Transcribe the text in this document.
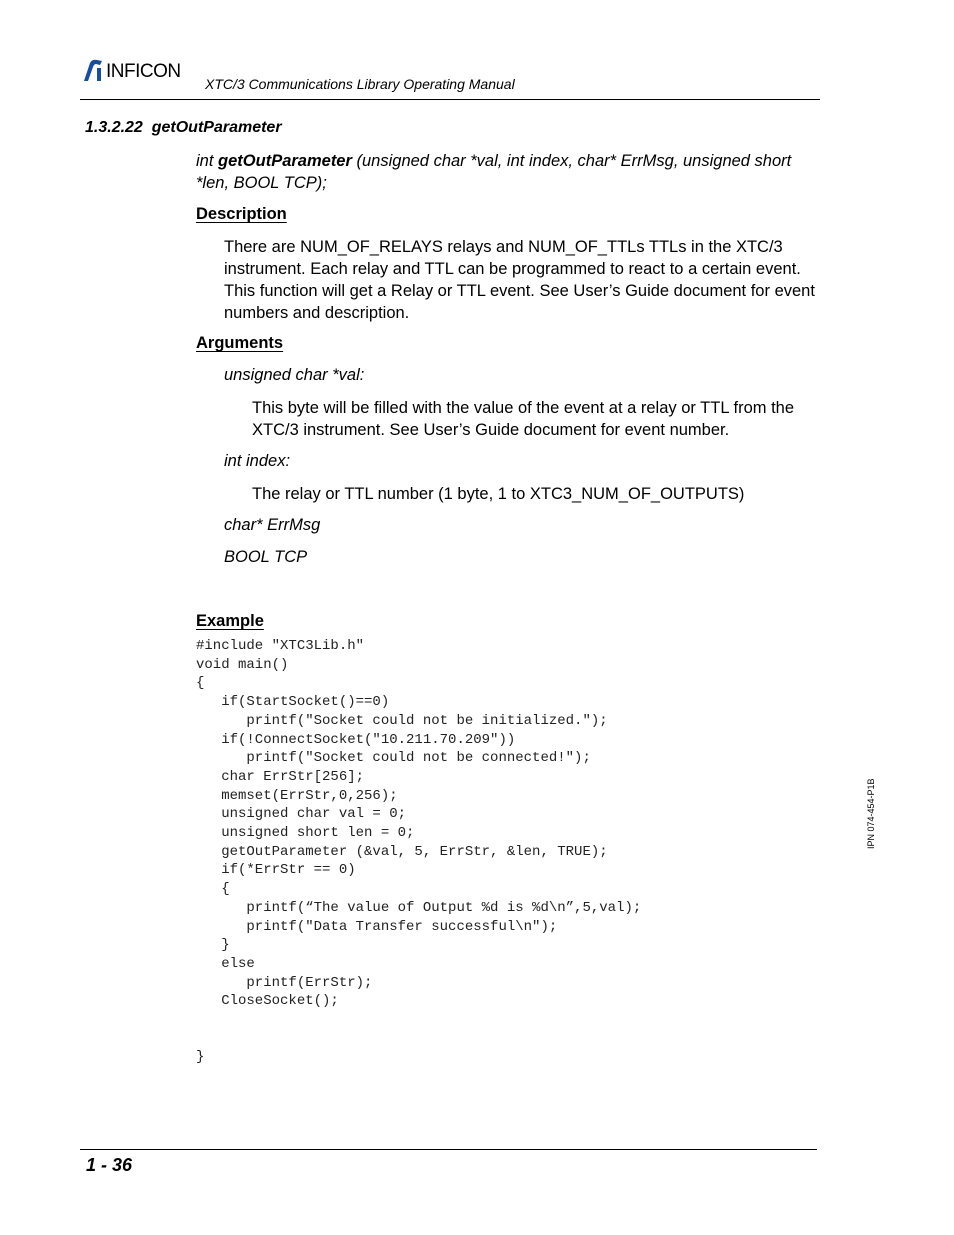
INFICON
XTC/3 Communications Library Operating Manual
1.3.2.22 getOutParameter
int getOutParameter (unsigned char *val, int index, char* ErrMsg, unsigned short *len, BOOL TCP);
Description
There are NUM_OF_RELAYS relays and NUM_OF_TTLs TTLs in the XTC/3 instrument. Each relay and TTL can be programmed to react to a certain event. This function will get a Relay or TTL event. See User’s Guide document for event numbers and description.
Arguments
unsigned char *val:
This byte will be filled with the value of the event at a relay or TTL from the XTC/3 instrument. See User’s Guide document for event number.
int index:
The relay or TTL number (1 byte, 1 to XTC3_NUM_OF_OUTPUTS)
char* ErrMsg
BOOL TCP
Example
#include "XTC3Lib.h"
void main()
{
if(StartSocket()==0)
printf("Socket could not be initialized.");
if(!ConnectSocket("10.211.70.209"))
printf("Socket could not be connected!");
char ErrStr[256];
memset(ErrStr,0,256);
unsigned char val = 0;
unsigned short len = 0;
getOutParameter (&val, 5, ErrStr, &len, TRUE);
if(*ErrStr == 0)
{
printf(“The value of Output %d is %d\n”,5,val);
printf("Data Transfer successful\n");
}
else
printf(ErrStr);
CloseSocket();

}
1 - 36
IPN 074-454-P1B
